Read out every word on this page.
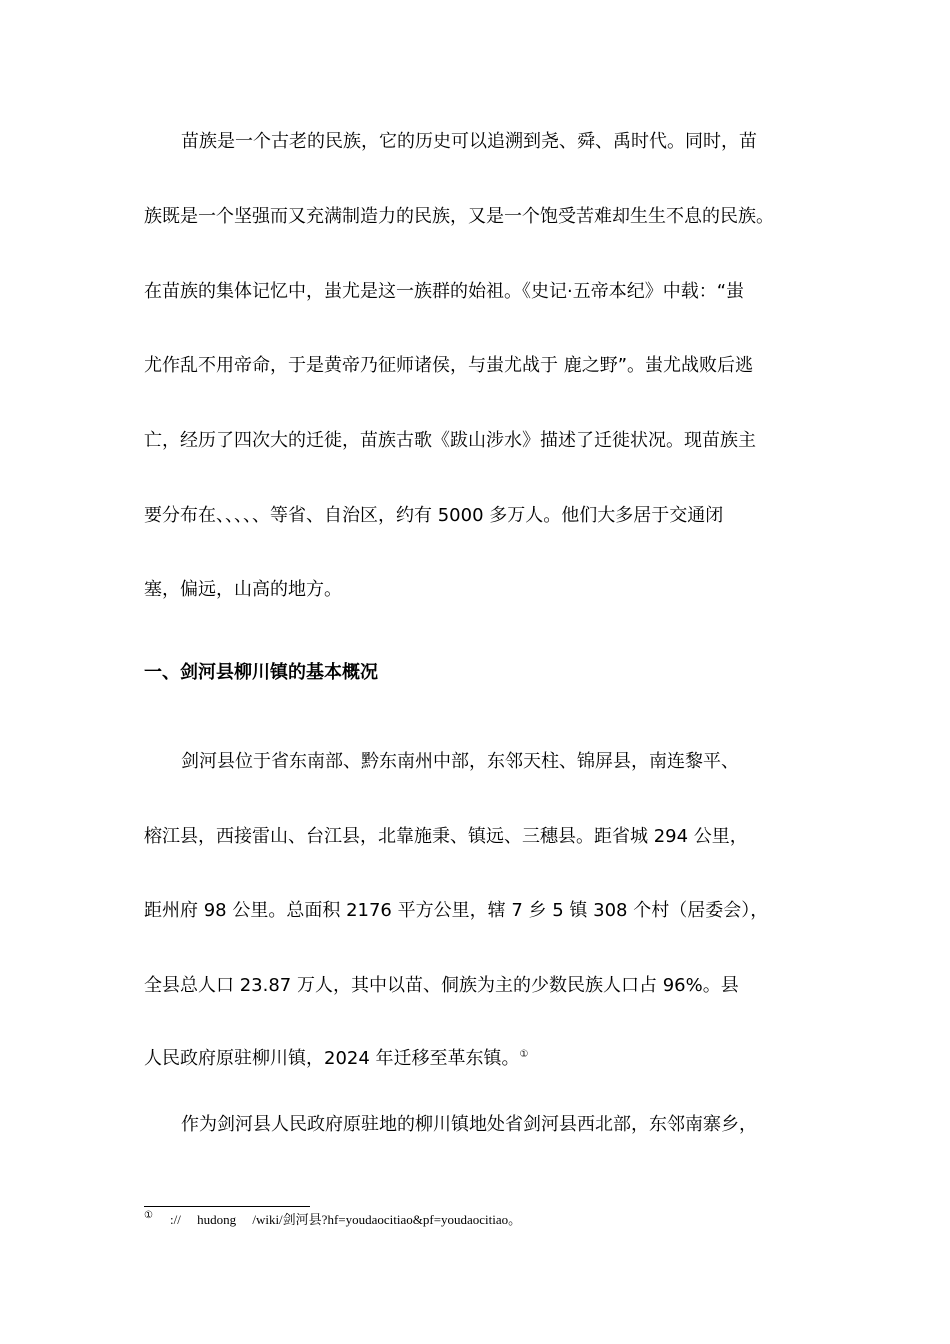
苗族是一个古老的民族，它的历史可以追溯到尧、舜、禹时代。同时，苗
族既是一个坚强而又充满制造力的民族，又是一个饱受苦难却生生不息的民族。
在苗族的集体记忆中，蚩尤是这一族群的始祖。《史记·五帝本纪》中载：“蚩
尤作乱不用帝命，于是黄帝乃征师诸侯，与蚩尤战于 鹿之野”。蚩尤战败后逃
亡，经历了四次大的迁徙，苗族古歌《跋山涉水》描述了迁徙状况。现苗族主
要分布在、、、、、等省、自治区，约有 5000 多万人。他们大多居于交通闭
塞，偏远，山高的地方。
一、剑河县柳川镇的基本概况
剑河县位于省东南部、黔东南州中部，东邻天柱、锦屏县，南连黎平、
榕江县，西接雷山、台江县，北靠施秉、镇远、三穗县。距省城 294 公里，
距州府 98 公里。总面积 2176 平方公里，辖 7 乡 5 镇 308 个村（居委会），
全县总人口 23.87 万人，其中以苗、侗族为主的少数民族人口占 96%。县
人民政府原驻柳川镇，2024 年迁移至革东镇。①
作为剑河县人民政府原驻地的柳川镇地处省剑河县西北部，东邻南寨乡，
① ://     hudong     /wiki/剑河县?hf=youdaocitiao&pf=youdaocitiao。
